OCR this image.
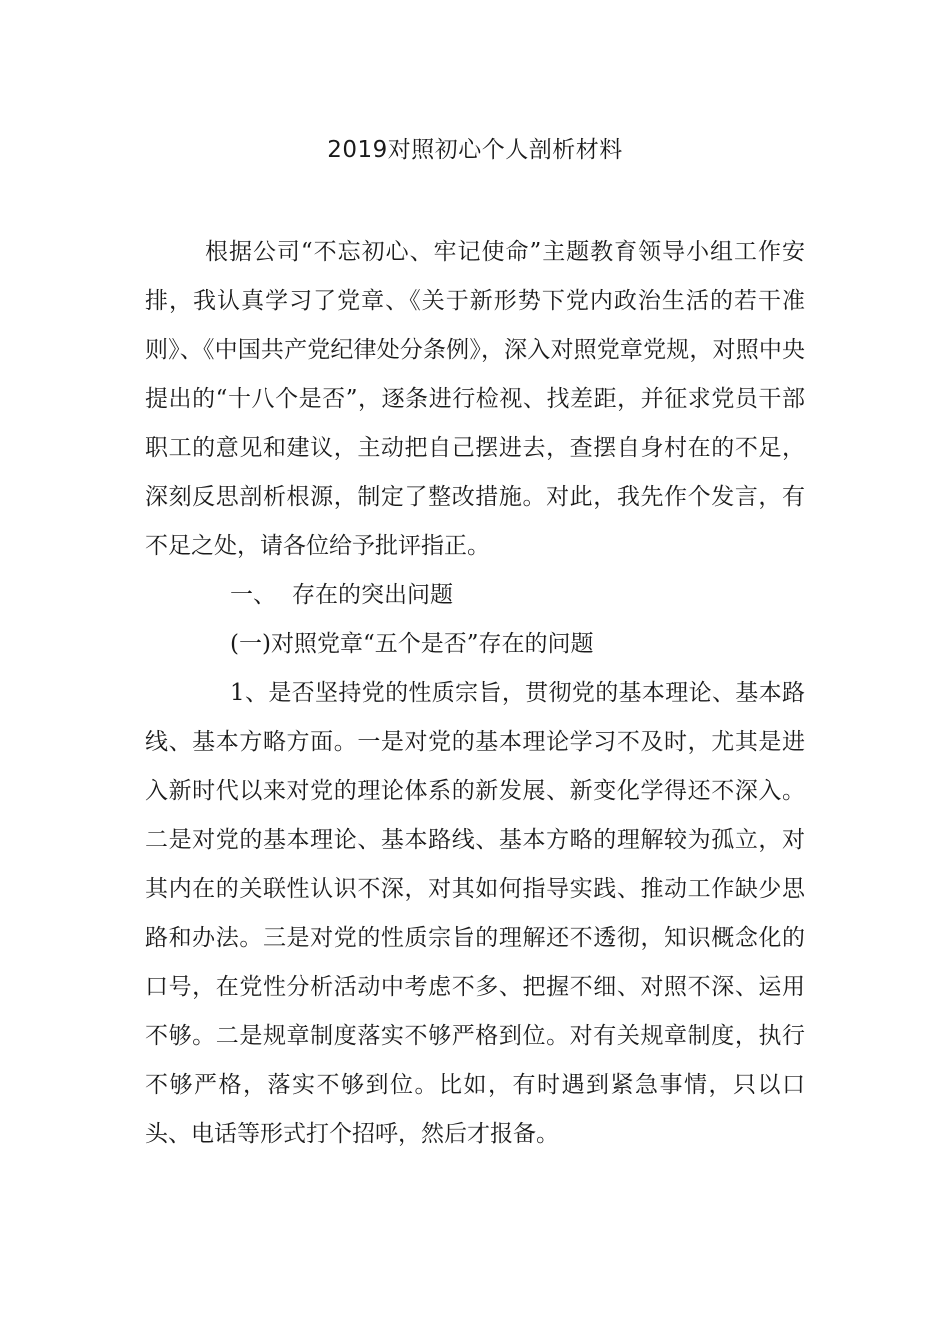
2019对照初心个人剖析材料

根据公司“不忘初心、牢记使命”主题教育领导小组工作安排，我认真学习了党章、《关于新形势下党内政治生活的若干准则》、《中国共产党纪律处分条例》，深入对照党章党规，对照中央提出的“十八个是否”，逐条进行检视、找差距，并征求党员干部职工的意见和建议，主动把自己摆进去，查摆自身村在的不足，深刻反思剖析根源，制定了整改措施。对此，我先作个发言，有不足之处，请各位给予批评指正。

一、 存在的突出问题

(一)对照党章“五个是否”存在的问题

1、是否坚持党的性质宗旨，贯彻党的基本理论、基本路线、基本方略方面。一是对党的基本理论学习不及时，尤其是进入新时代以来对党的理论体系的新发展、新变化学得还不深入。二是对党的基本理论、基本路线、基本方略的理解较为孤立，对其内在的关联性认识不深，对其如何指导实践、推动工作缺少思路和办法。三是对党的性质宗旨的理解还不透彻，知识概念化的口号，在党性分析活动中考虑不多、把握不细、对照不深、运用不够。二是规章制度落实不够严格到位。对有关规章制度，执行不够严格，落实不够到位。比如，有时遇到紧急事情，只以口头、电话等形式打个招呼，然后才报备。
